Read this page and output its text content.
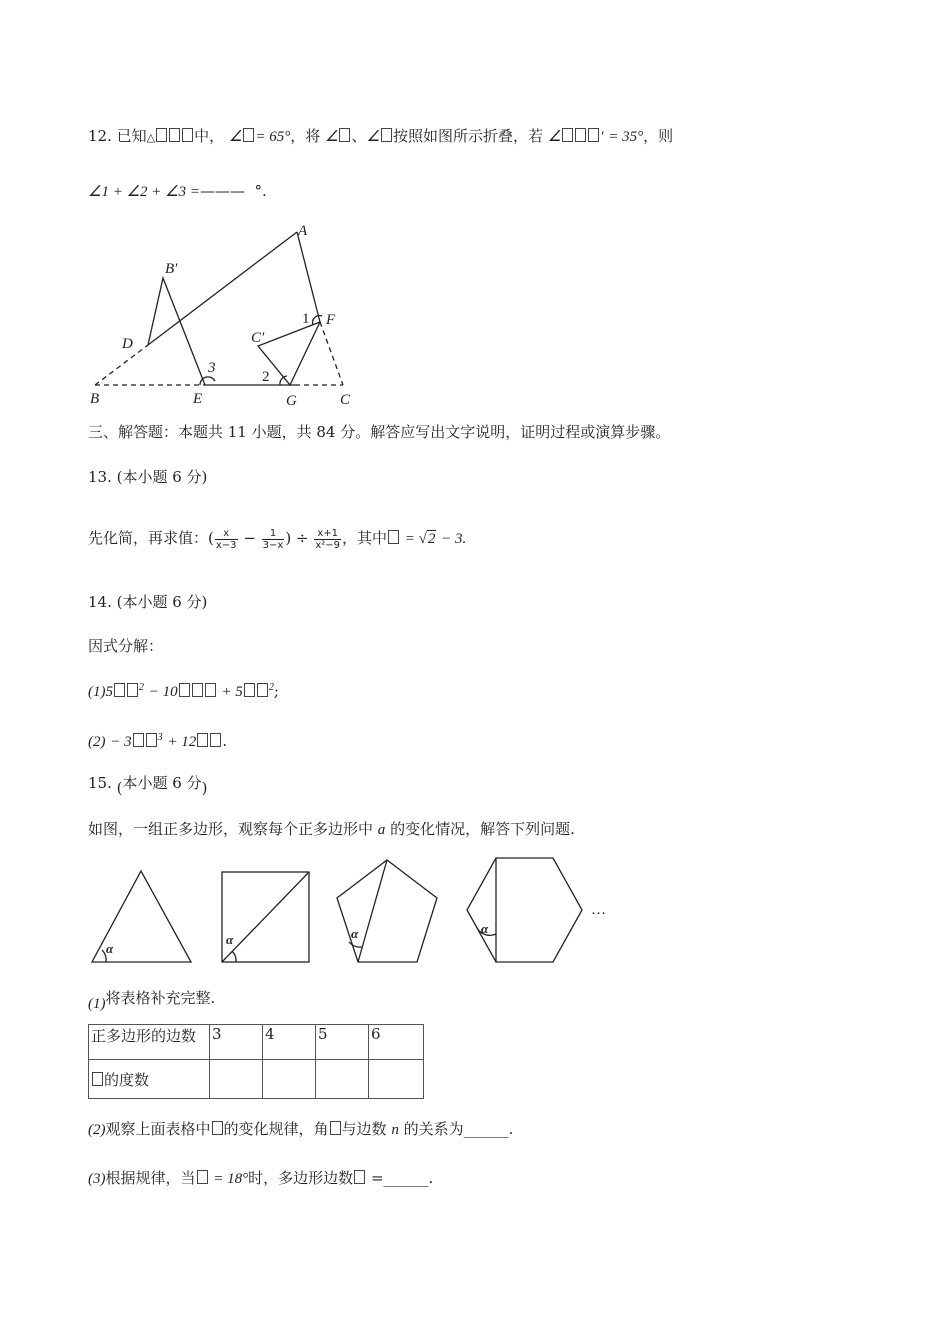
12. 已知△	中， ∠ = 65°，将 ∠ 、∠ 按照如图所示折叠，若 ∠	′ = 35°，则
∠1 + ∠2 + ∠3 =——— °.
A
B′
C′
D
F
B	E	G	C
1
2
3
三、解答题：本题共 11 小题，共 84 分。解答应写出文字说明，证明过程或演算步骤。
13. (本小题 6 分)
先化简，再求值：( $\frac{x}{x-3} - \frac{1}{3-x}$ ) ÷ $\frac{x+1}{\text{x²−9}}$ ，其中 = √2 − 3.
14. (本小题 6 分)
因式分解：
(1)5	$^2$ − 10	+ 5	$^2$;
(2) − 3	$^3$ + 12 .
15. (本小题 6 分)
如图，一组正多边形，观察每个正多边形中 a 的变化情况，解答下列问题.
α
α	α	α
…
(1)将表格补充完整.
正多边形的边数	3	4	5	6
的度数				
(2)观察上面表格中 的变化规律，角 与边数 n 的关系为______.
(3)根据规律，当 = 18°时，多边形边数 =______.
